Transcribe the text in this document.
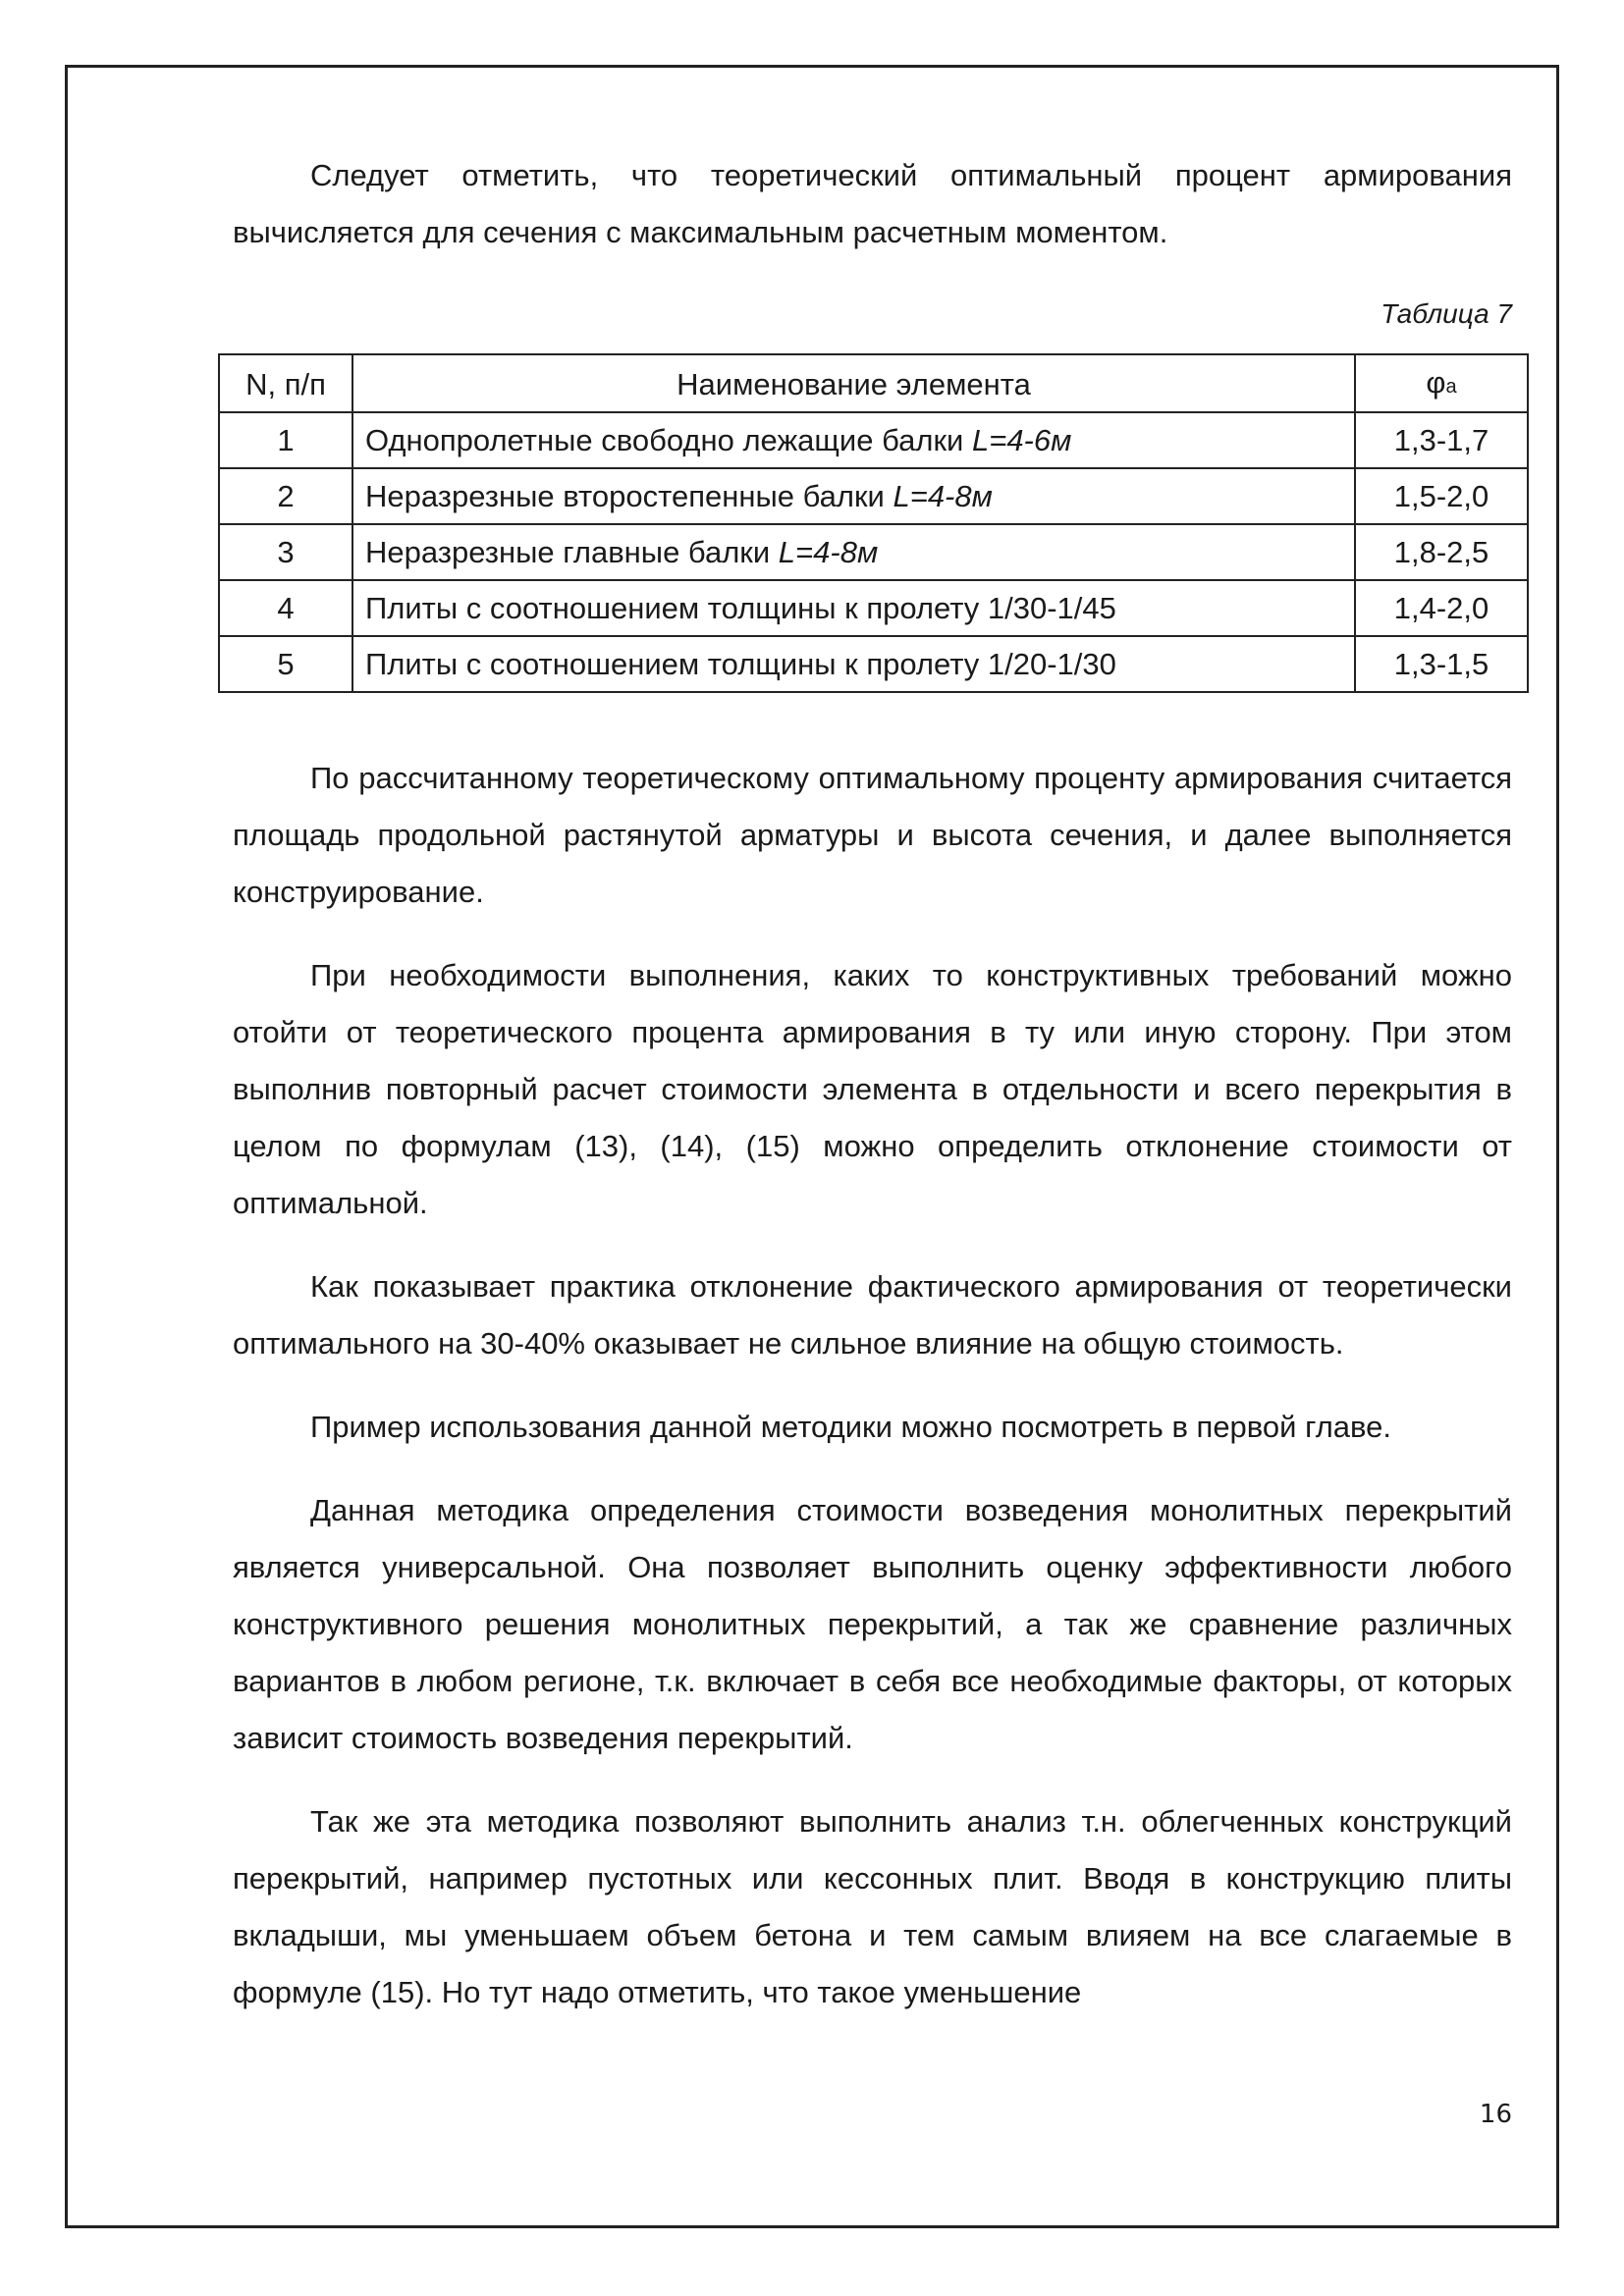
Следует отметить, что теоретический оптимальный процент армирования вычисляется для сечения с максимальным расчетным моментом.

Таблица 7
N, п/п	Наименование элемента	φа
1	Однопролетные свободно лежащие балки L=4-6м	1,3-1,7
2	Неразрезные второстепенные балки L=4-8м	1,5-2,0
3	Неразрезные главные балки L=4-8м	1,8-2,5
4	Плиты с соотношением толщины к пролету 1/30-1/45	1,4-2,0
5	Плиты с соотношением толщины к пролету 1/20-1/30	1,3-1,5

По рассчитанному теоретическому оптимальному проценту армирования считается площадь продольной растянутой арматуры и высота сечения, и далее выполняется конструирование.

При необходимости выполнения, каких то конструктивных требований можно отойти от теоретического процента армирования в ту или иную сторону. При этом выполнив повторный расчет стоимости элемента в отдельности и всего перекрытия в целом по формулам (13), (14), (15) можно определить отклонение стоимости от оптимальной.

Как показывает практика отклонение фактического армирования от теоретически оптимального на 30-40% оказывает не сильное влияние на общую стоимость.

Пример использования данной методики можно посмотреть в первой главе.

Данная методика определения стоимости возведения монолитных перекрытий является универсальной. Она позволяет выполнить оценку эффективности любого конструктивного решения монолитных перекрытий, а так же сравнение различных вариантов в любом регионе, т.к. включает в себя все необходимые факторы, от которых зависит стоимость возведения перекрытий.

Так же эта методика позволяют выполнить анализ т.н. облегченных конструкций перекрытий, например пустотных или кессонных плит. Вводя в конструкцию плиты вкладыши, мы уменьшаем объем бетона и тем самым влияем на все слагаемые в формуле (15). Но тут надо отметить, что такое уменьшение

16
